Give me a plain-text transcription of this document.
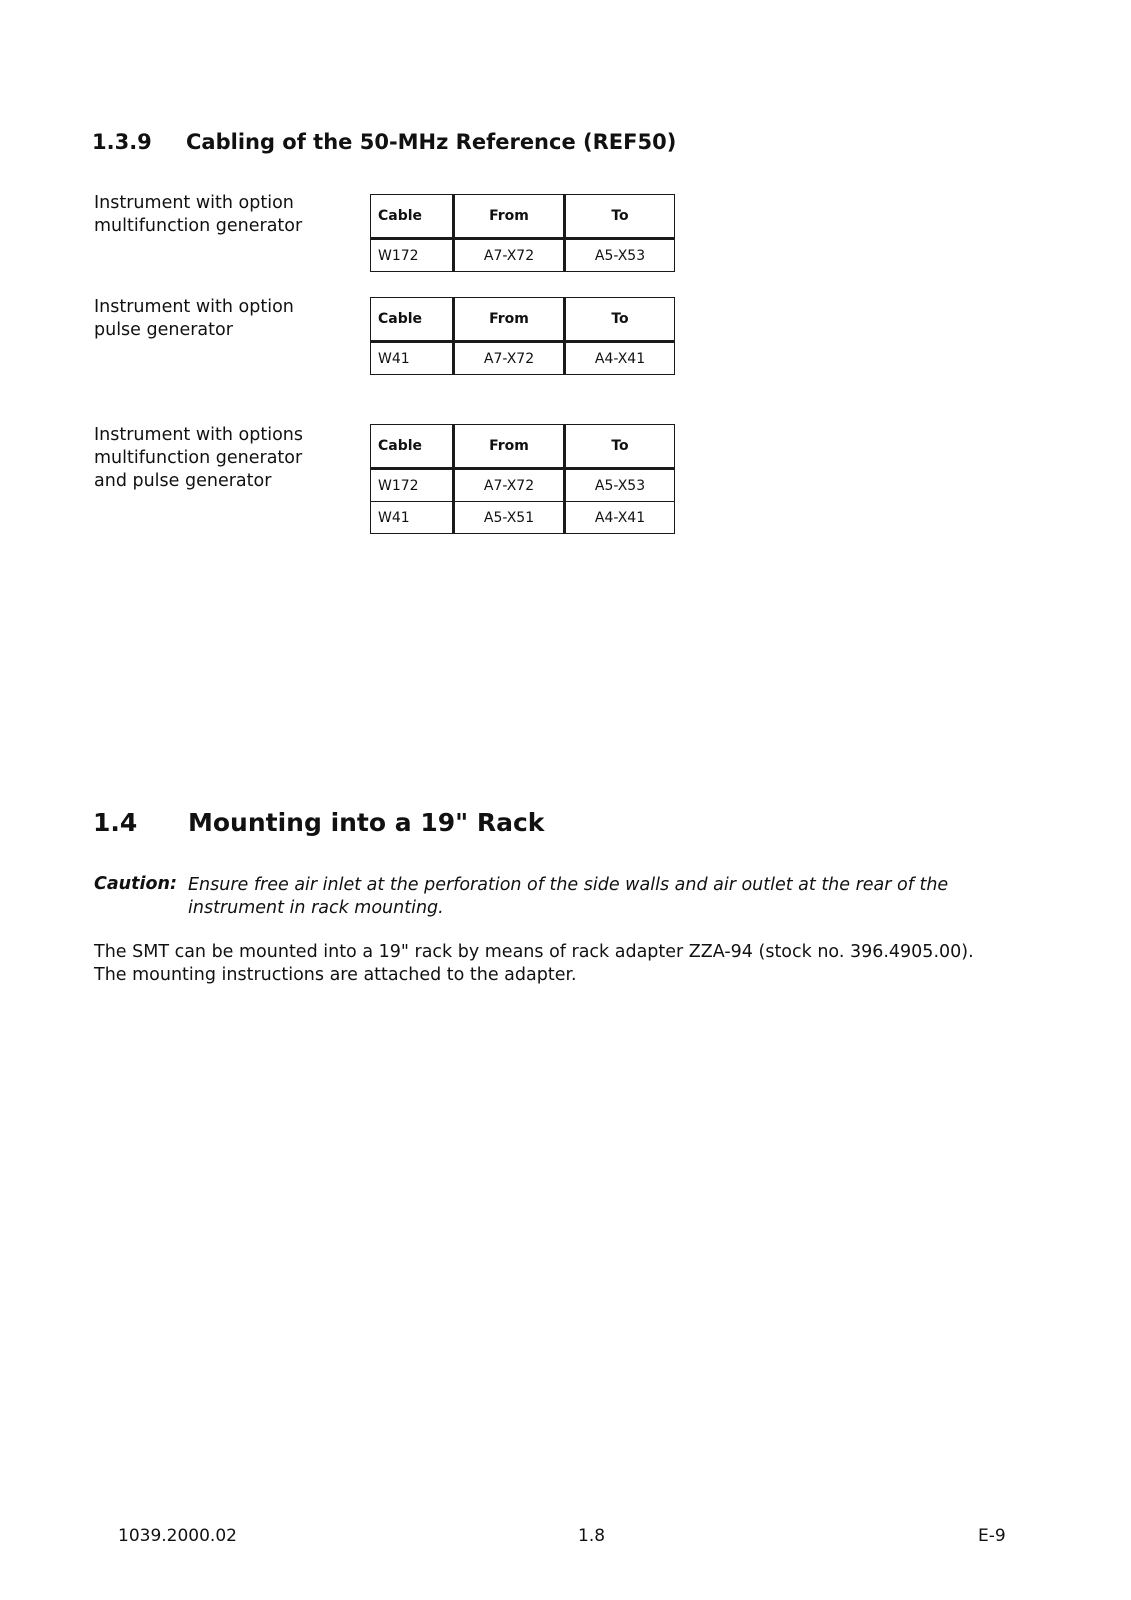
1.3.9 Cabling of the 50-MHz Reference (REF50)
Instrument with option
multifunction generator	Cable	From	To
W172	A7-X72	A5-X53
Instrument with option
pulse generator
Cable	From	To
W41	A7-X72	A4-X41
Instrument with options
multifunction generator
and pulse generator
Cable	From	To
W172	A7-X72	A5-X53
W41	A5-X51	A4-X41
1.4 Mounting into a 19" Rack
Caution: Ensure free air inlet at the perforation of the side walls and air outlet at the rear of the
instrument in rack mounting.
The SMT can be mounted into a 19" rack by means of rack adapter ZZA-94 (stock no. 396.4905.00).
The mounting instructions are attached to the adapter.
1039.2000.02	1.8	E-9
